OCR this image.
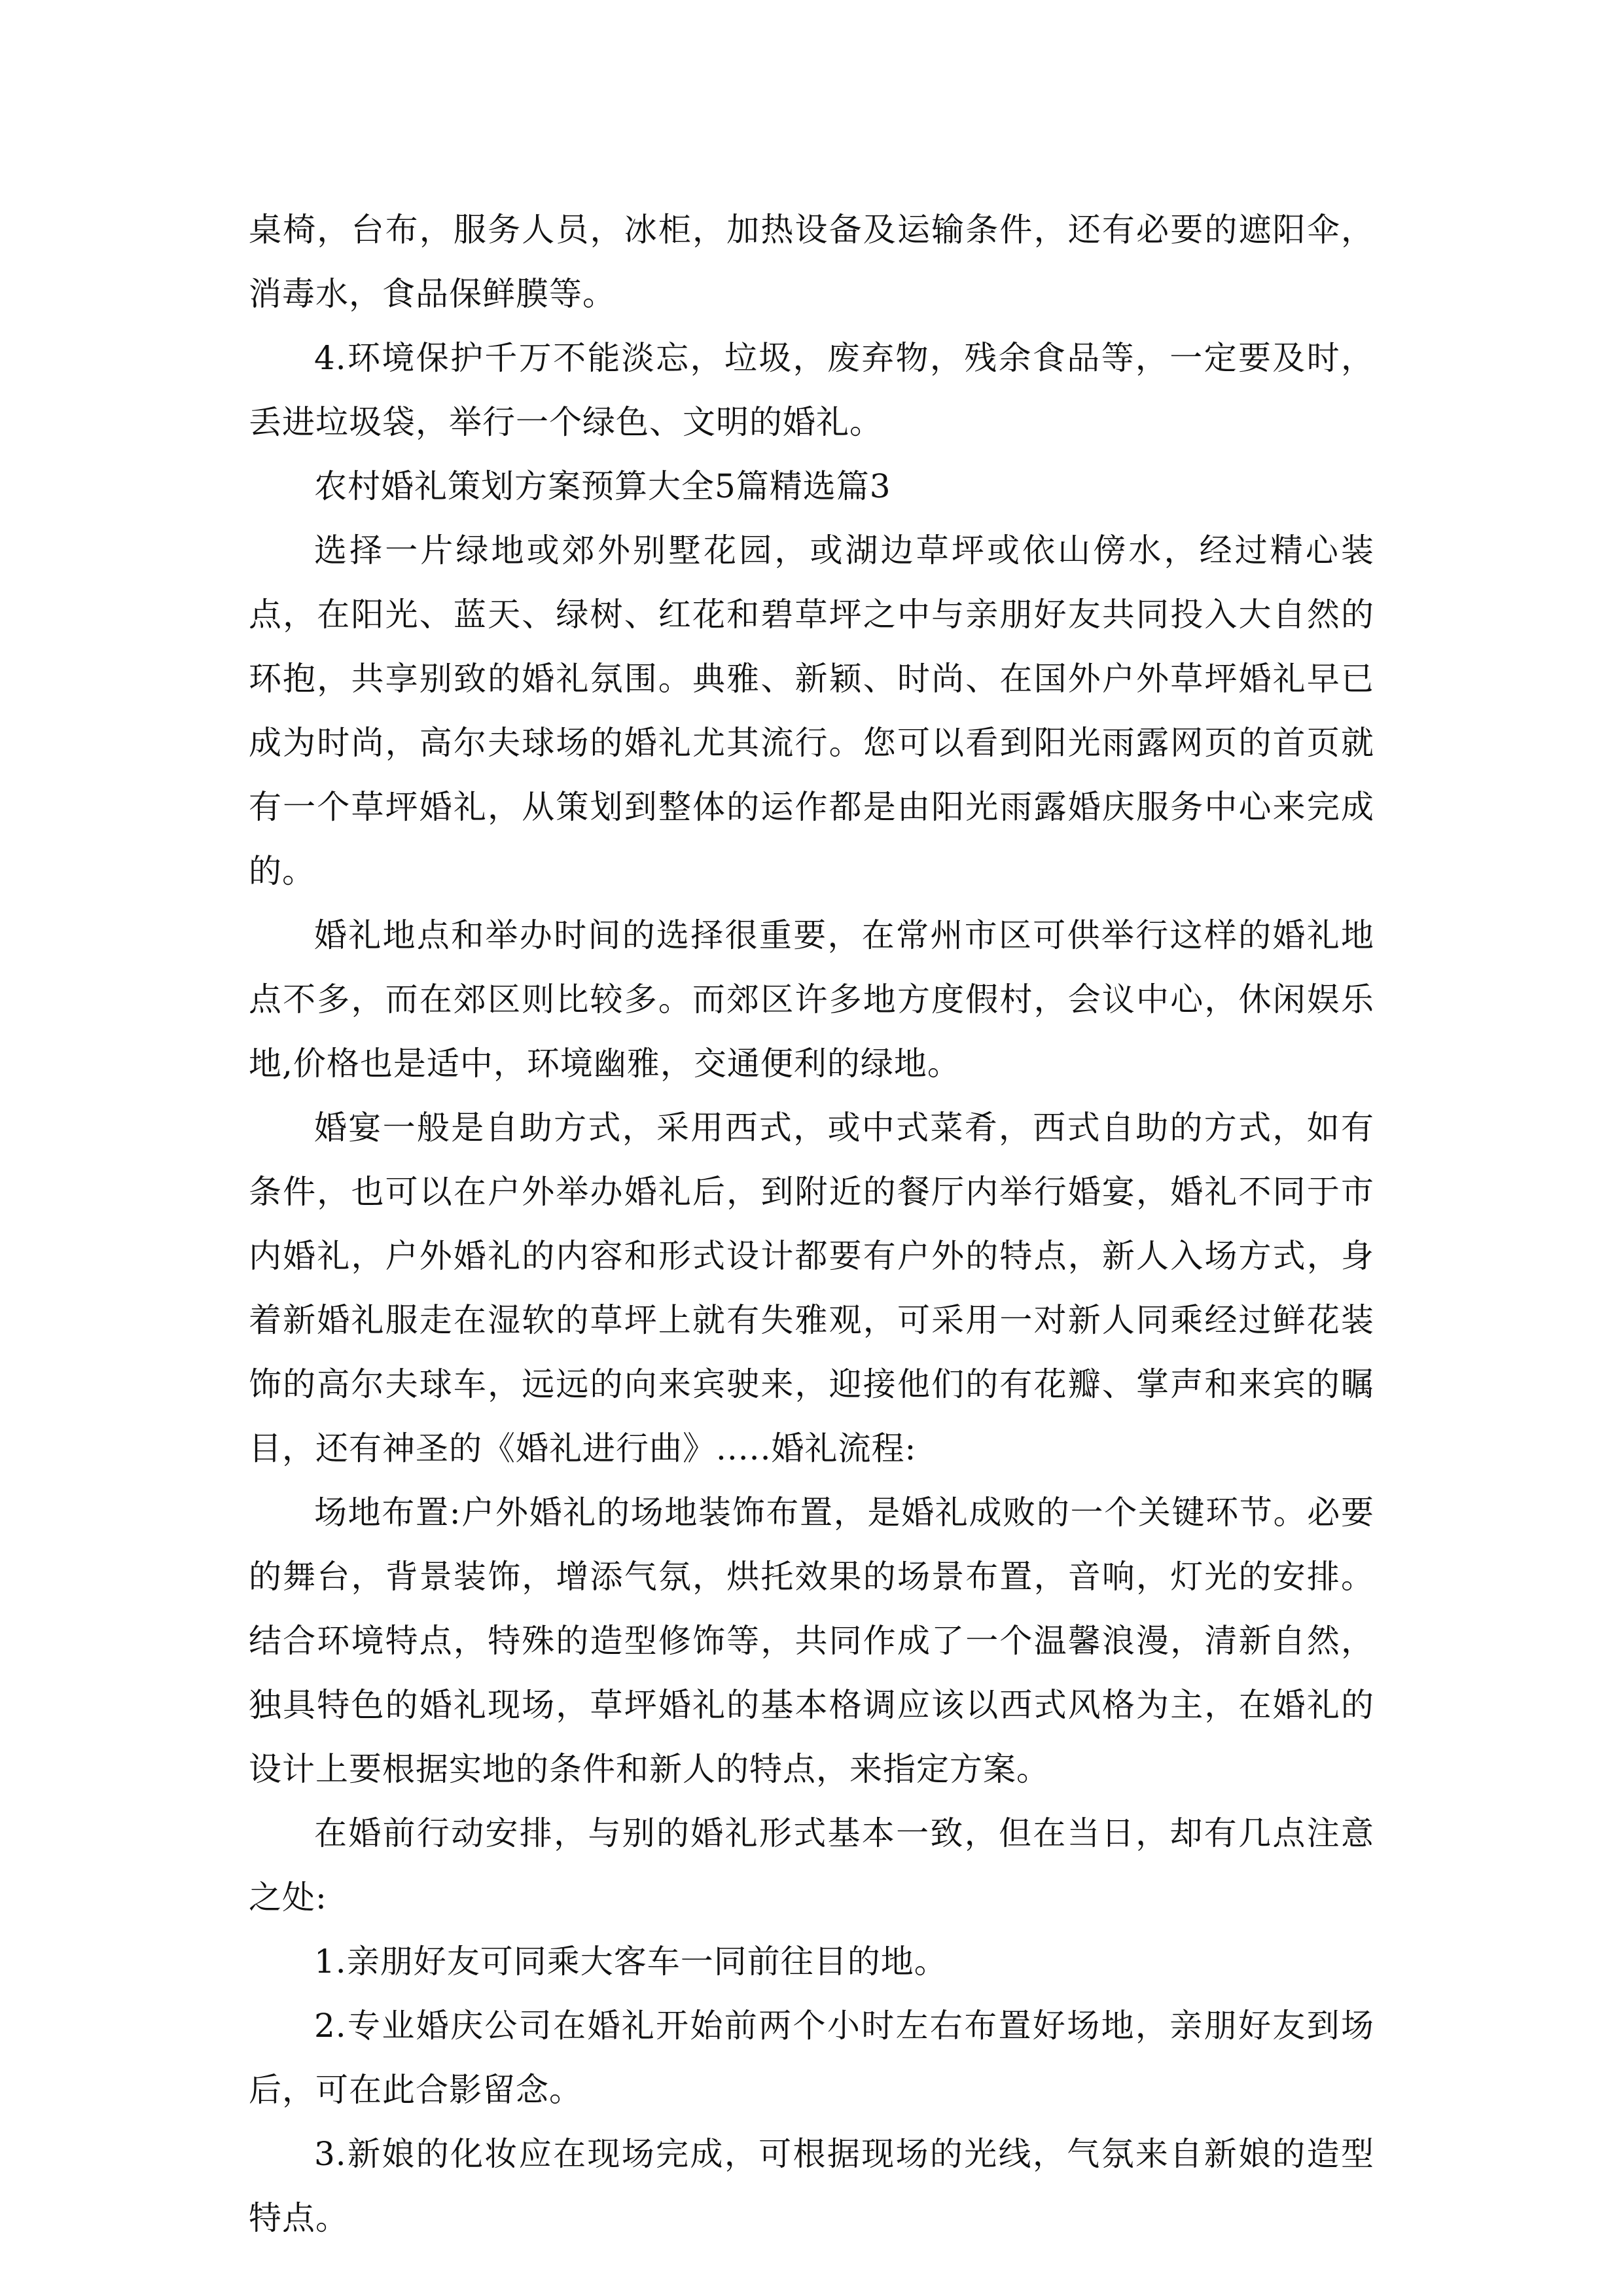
桌椅，台布，服务人员，冰柜，加热设备及运输条件，还有必要的遮阳伞，消毒水，食品保鲜膜等。

4.环境保护千万不能淡忘，垃圾，废弃物，残余食品等，一定要及时，丢进垃圾袋，举行一个绿色、文明的婚礼。

农村婚礼策划方案预算大全5篇精选篇3

选择一片绿地或郊外别墅花园，或湖边草坪或依山傍水，经过精心装点，在阳光、蓝天、绿树、红花和碧草坪之中与亲朋好友共同投入大自然的环抱，共享别致的婚礼氛围。典雅、新颖、时尚、在国外户外草坪婚礼早已成为时尚，高尔夫球场的婚礼尤其流行。您可以看到阳光雨露网页的首页就有一个草坪婚礼，从策划到整体的运作都是由阳光雨露婚庆服务中心来完成的。

婚礼地点和举办时间的选择很重要，在常州市区可供举行这样的婚礼地点不多，而在郊区则比较多。而郊区许多地方度假村，会议中心，休闲娱乐地,价格也是适中，环境幽雅，交通便利的绿地。

婚宴一般是自助方式，采用西式，或中式菜肴，西式自助的方式，如有条件，也可以在户外举办婚礼后，到附近的餐厅内举行婚宴，婚礼不同于市内婚礼，户外婚礼的内容和形式设计都要有户外的特点，新人入场方式，身着新婚礼服走在湿软的草坪上就有失雅观，可采用一对新人同乘经过鲜花装饰的高尔夫球车，远远的向来宾驶来，迎接他们的有花瓣、掌声和来宾的瞩目，还有神圣的《婚礼进行曲》.....婚礼流程:

场地布置:户外婚礼的场地装饰布置，是婚礼成败的一个关键环节。必要的舞台，背景装饰，增添气氛，烘托效果的场景布置，音响，灯光的安排。结合环境特点，特殊的造型修饰等，共同作成了一个温馨浪漫，清新自然，独具特色的婚礼现场，草坪婚礼的基本格调应该以西式风格为主，在婚礼的设计上要根据实地的条件和新人的特点，来指定方案。

在婚前行动安排，与别的婚礼形式基本一致，但在当日，却有几点注意之处:

1.亲朋好友可同乘大客车一同前往目的地。

2.专业婚庆公司在婚礼开始前两个小时左右布置好场地，亲朋好友到场后，可在此合影留念。

3.新娘的化妆应在现场完成，可根据现场的光线，气氛来自新娘的造型特点。
